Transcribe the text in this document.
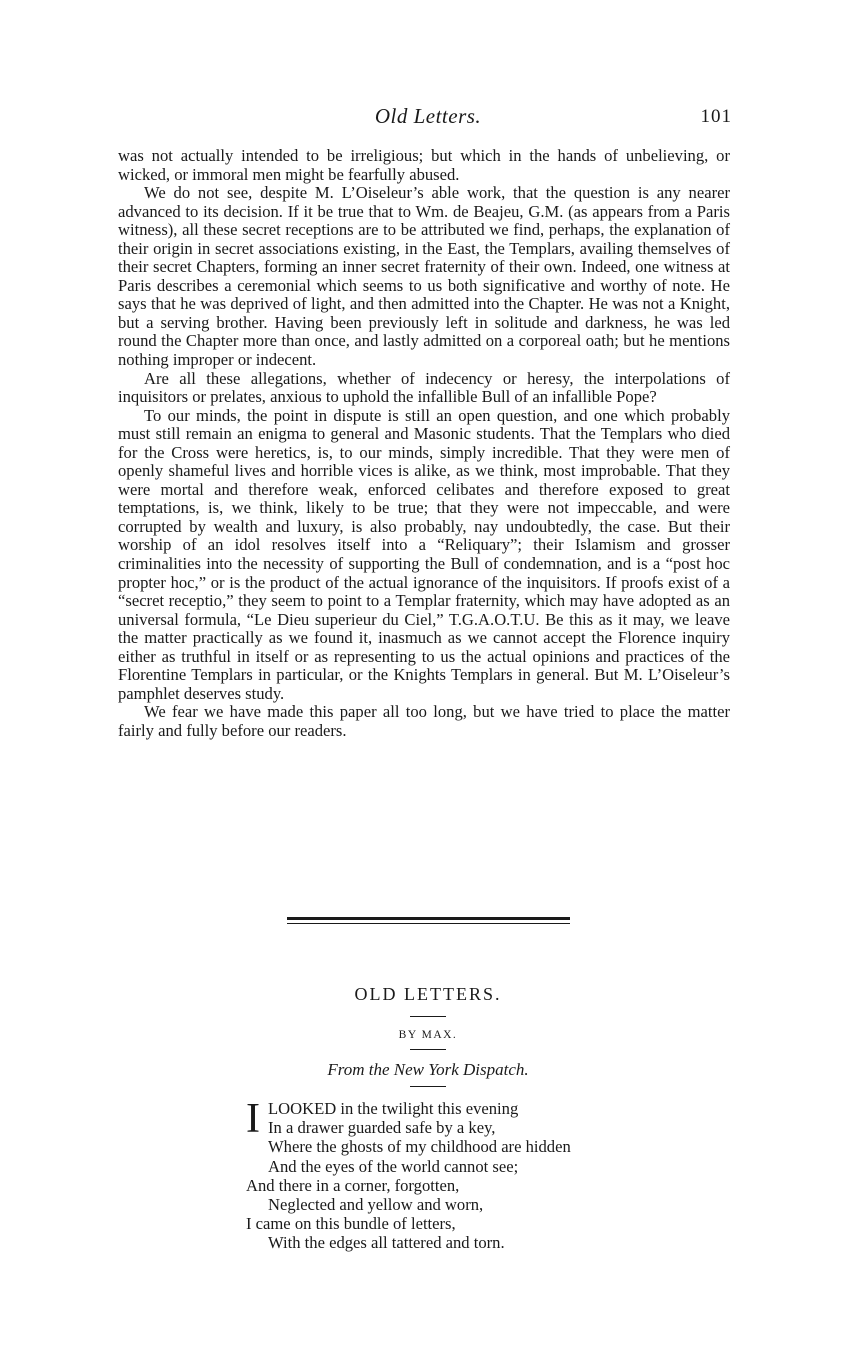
Old Letters.	101

was not actually intended to be irreligious; but which in the hands of unbelieving, or wicked, or immoral men might be fearfully abused.

We do not see, despite M. L’Oiseleur’s able work, that the question is any nearer advanced to its decision. If it be true that to Wm. de Beajeu, G.M. (as appears from a Paris witness), all these secret receptions are to be attributed we find, perhaps, the explanation of their origin in secret associations existing, in the East, the Templars, availing themselves of their secret Chapters, forming an inner secret fraternity of their own. Indeed, one witness at Paris describes a ceremonial which seems to us both significative and worthy of note. He says that he was deprived of light, and then admitted into the Chapter. He was not a Knight, but a serving brother. Having been previously left in solitude and darkness, he was led round the Chapter more than once, and lastly admitted on a corporeal oath; but he mentions nothing improper or indecent.

Are all these allegations, whether of indecency or heresy, the interpolations of inquisitors or prelates, anxious to uphold the infallible Bull of an infallible Pope?

To our minds, the point in dispute is still an open question, and one which probably must still remain an enigma to general and Masonic students. That the Templars who died for the Cross were heretics, is, to our minds, simply incredible. That they were men of openly shameful lives and horrible vices is alike, as we think, most improbable. That they were mortal and therefore weak, enforced celibates and therefore exposed to great temptations, is, we think, likely to be true; that they were not impeccable, and were corrupted by wealth and luxury, is also probably, nay undoubtedly, the case. But their worship of an idol resolves itself into a “Reliquary”; their Islamism and grosser criminalities into the necessity of supporting the Bull of condemnation, and is a “post hoc propter hoc,” or is the product of the actual ignorance of the inquisitors. If proofs exist of a “secret receptio,” they seem to point to a Templar fraternity, which may have adopted as an universal formula, “Le Dieu superieur du Ciel,” T.G.A.O.T.U. Be this as it may, we leave the matter practically as we found it, inasmuch as we cannot accept the Florence inquiry either as truthful in itself or as representing to us the actual opinions and practices of the Florentine Templars in particular, or the Knights Templars in general. But M. L’Oiseleur’s pamphlet deserves study.

We fear we have made this paper all too long, but we have tried to place the matter fairly and fully before our readers.

OLD LETTERS.
BY MAX.
From the New York Dispatch.
I LOOKED in the twilight this evening
In a drawer guarded safe by a key,
Where the ghosts of my childhood are hidden
And the eyes of the world cannot see;
And there in a corner, forgotten,
Neglected and yellow and worn,
I came on this bundle of letters,
With the edges all tattered and torn.
